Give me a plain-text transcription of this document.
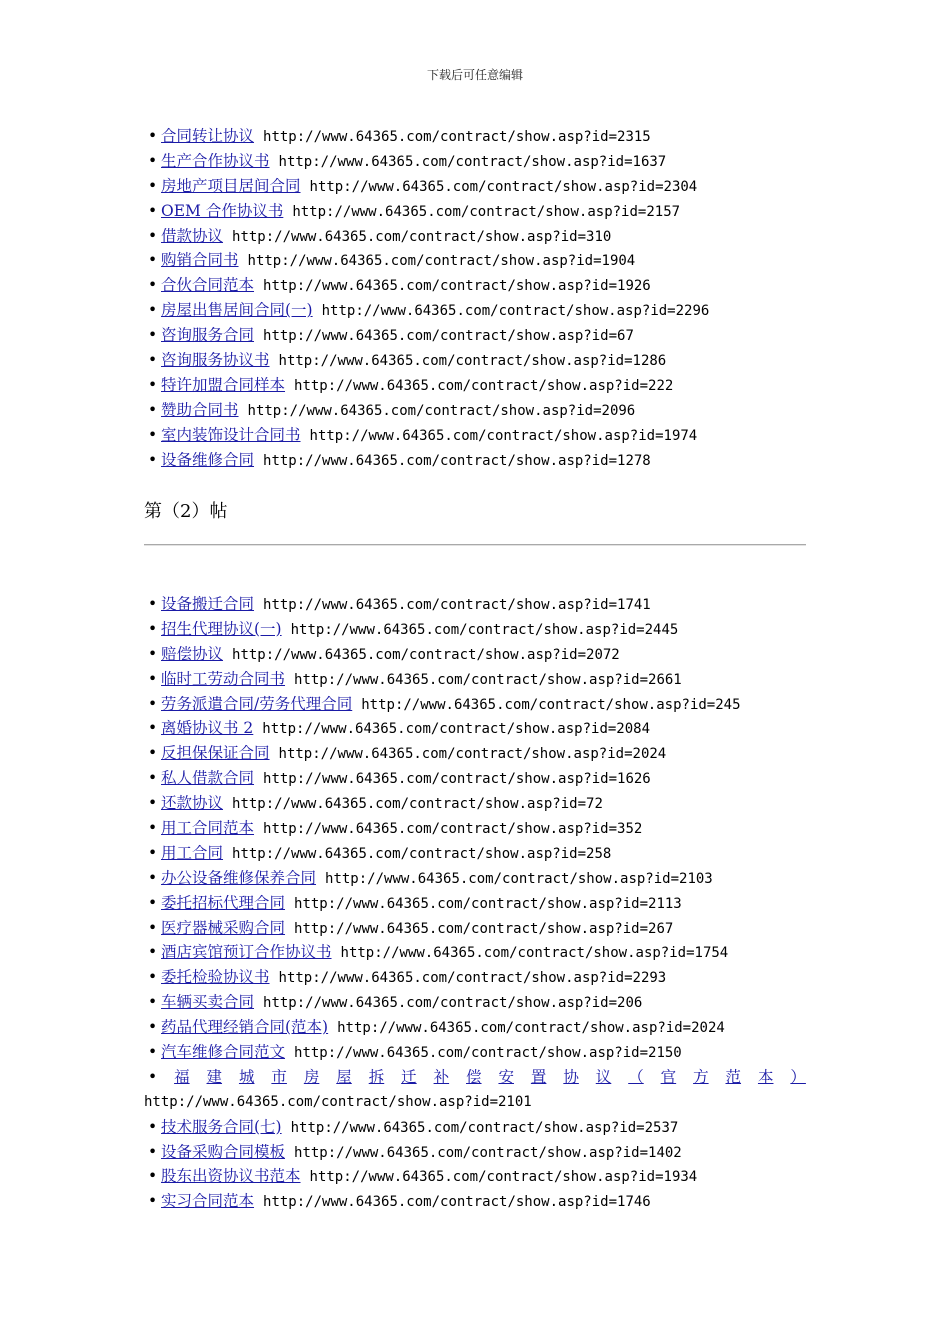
下载后可任意编辑
• 合同转让协议 http://www.64365.com/contract/show.asp?id=2315
• 生产合作协议书 http://www.64365.com/contract/show.asp?id=1637
• 房地产项目居间合同 http://www.64365.com/contract/show.asp?id=2304
• OEM 合作协议书 http://www.64365.com/contract/show.asp?id=2157
• 借款协议 http://www.64365.com/contract/show.asp?id=310
• 购销合同书 http://www.64365.com/contract/show.asp?id=1904
• 合伙合同范本 http://www.64365.com/contract/show.asp?id=1926
• 房屋出售居间合同(一) http://www.64365.com/contract/show.asp?id=2296
• 咨询服务合同 http://www.64365.com/contract/show.asp?id=67
• 咨询服务协议书 http://www.64365.com/contract/show.asp?id=1286
• 特许加盟合同样本 http://www.64365.com/contract/show.asp?id=222
• 赞助合同书 http://www.64365.com/contract/show.asp?id=2096
• 室内装饰设计合同书 http://www.64365.com/contract/show.asp?id=1974
• 设备维修合同 http://www.64365.com/contract/show.asp?id=1278
第（2）帖
• 设备搬迁合同 http://www.64365.com/contract/show.asp?id=1741
• 招生代理协议(一) http://www.64365.com/contract/show.asp?id=2445
• 赔偿协议 http://www.64365.com/contract/show.asp?id=2072
• 临时工劳动合同书 http://www.64365.com/contract/show.asp?id=2661
• 劳务派遣合同/劳务代理合同 http://www.64365.com/contract/show.asp?id=245
• 离婚协议书 2 http://www.64365.com/contract/show.asp?id=2084
• 反担保保证合同 http://www.64365.com/contract/show.asp?id=2024
• 私人借款合同 http://www.64365.com/contract/show.asp?id=1626
• 还款协议 http://www.64365.com/contract/show.asp?id=72
• 用工合同范本 http://www.64365.com/contract/show.asp?id=352
• 用工合同 http://www.64365.com/contract/show.asp?id=258
• 办公设备维修保养合同 http://www.64365.com/contract/show.asp?id=2103
• 委托招标代理合同 http://www.64365.com/contract/show.asp?id=2113
• 医疗器械采购合同 http://www.64365.com/contract/show.asp?id=267
• 酒店宾馆预订合作协议书 http://www.64365.com/contract/show.asp?id=1754
• 委托检验协议书 http://www.64365.com/contract/show.asp?id=2293
• 车辆买卖合同 http://www.64365.com/contract/show.asp?id=206
• 药品代理经销合同(范本) http://www.64365.com/contract/show.asp?id=2024
• 汽车维修合同范文 http://www.64365.com/contract/show.asp?id=2150
• 福 建 城 市 房 屋 拆 迁 补 偿 安 置 协 议 （ 官 方 范 本 ）
http://www.64365.com/contract/show.asp?id=2101
• 技术服务合同(七) http://www.64365.com/contract/show.asp?id=2537
• 设备采购合同模板 http://www.64365.com/contract/show.asp?id=1402
• 股东出资协议书范本 http://www.64365.com/contract/show.asp?id=1934
• 实习合同范本 http://www.64365.com/contract/show.asp?id=1746
